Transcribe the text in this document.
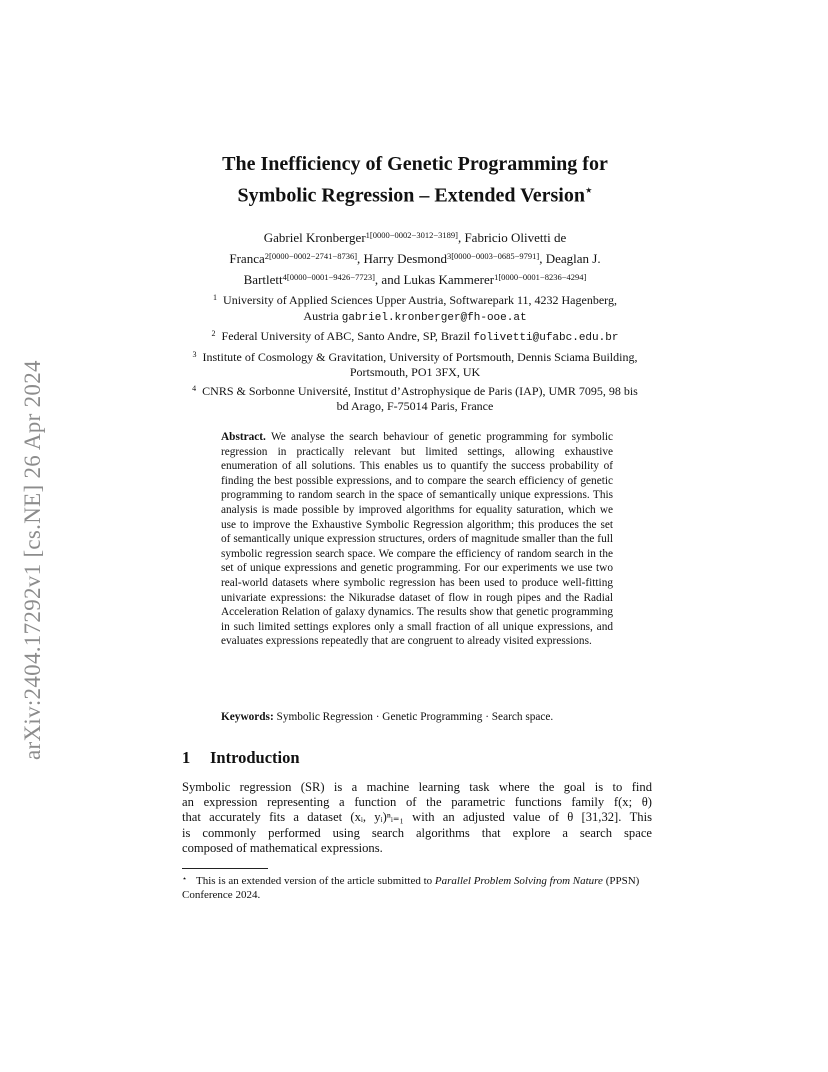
arXiv:2404.17292v1 [cs.NE] 26 Apr 2024
The Inefficiency of Genetic Programming for
Symbolic Regression – Extended Version⋆
Gabriel Kronberger$^{1[0000-0002-3012-3189]}$, Fabricio Olivetti de
Franca$^{2[0000-0002-2741-8736]}$, Harry Desmond$^{3[0000-0003-0685-9791]}$, Deaglan J.
Bartlett$^{4[0000-0001-9426-7723]}$, and Lukas Kammerer$^{1[0000-0001-8236-4294]}$
$^1$ University of Applied Sciences Upper Austria, Softwarepark 11, 4232 Hagenberg, Austria gabriel.kronberger@fh-ooe.at
$^2$ Federal University of ABC, Santo Andre, SP, Brazil folivetti@ufabc.edu.br
$^3$ Institute of Cosmology & Gravitation, University of Portsmouth, Dennis Sciama Building, Portsmouth, PO1 3FX, UK
$^4$ CNRS & Sorbonne Université, Institut d’Astrophysique de Paris (IAP), UMR 7095, 98 bis bd Arago, F-75014 Paris, France
Abstract. We analyse the search behaviour of genetic programming for symbolic regression in practically relevant but limited settings, allowing exhaustive enumeration of all solutions. This enables us to quantify the success probability of finding the best possible expressions, and to compare the search efficiency of genetic programming to random search in the space of semantically unique expressions. This analysis is made possible by improved algorithms for equality saturation, which we use to improve the Exhaustive Symbolic Regression algorithm; this produces the set of semantically unique expression structures, orders of magnitude smaller than the full symbolic regression search space. We compare the efficiency of random search in the set of unique expressions and genetic programming. For our experiments we use two real-world datasets where symbolic regression has been used to produce well-fitting univariate expressions: the Nikuradse dataset of flow in rough pipes and the Radial Acceleration Relation of galaxy dynamics. The results show that genetic programming in such limited settings explores only a small fraction of all unique expressions, and evaluates expressions repeatedly that are congruent to already visited expressions.
Keywords: Symbolic Regression · Genetic Programming · Search space.
1 Introduction
Symbolic regression (SR) is a machine learning task where the goal is to find
an expression representing a function of the parametric functions family f(x; θ)
that accurately fits a dataset (xᵢ, yᵢ)ⁿᵢ₌₁ with an adjusted value of θ [31,32]. This
is commonly performed using search algorithms that explore a search space
composed of mathematical expressions.
⋆ This is an extended version of the article submitted to Parallel Problem Solving from Nature (PPSN) Conference 2024.
